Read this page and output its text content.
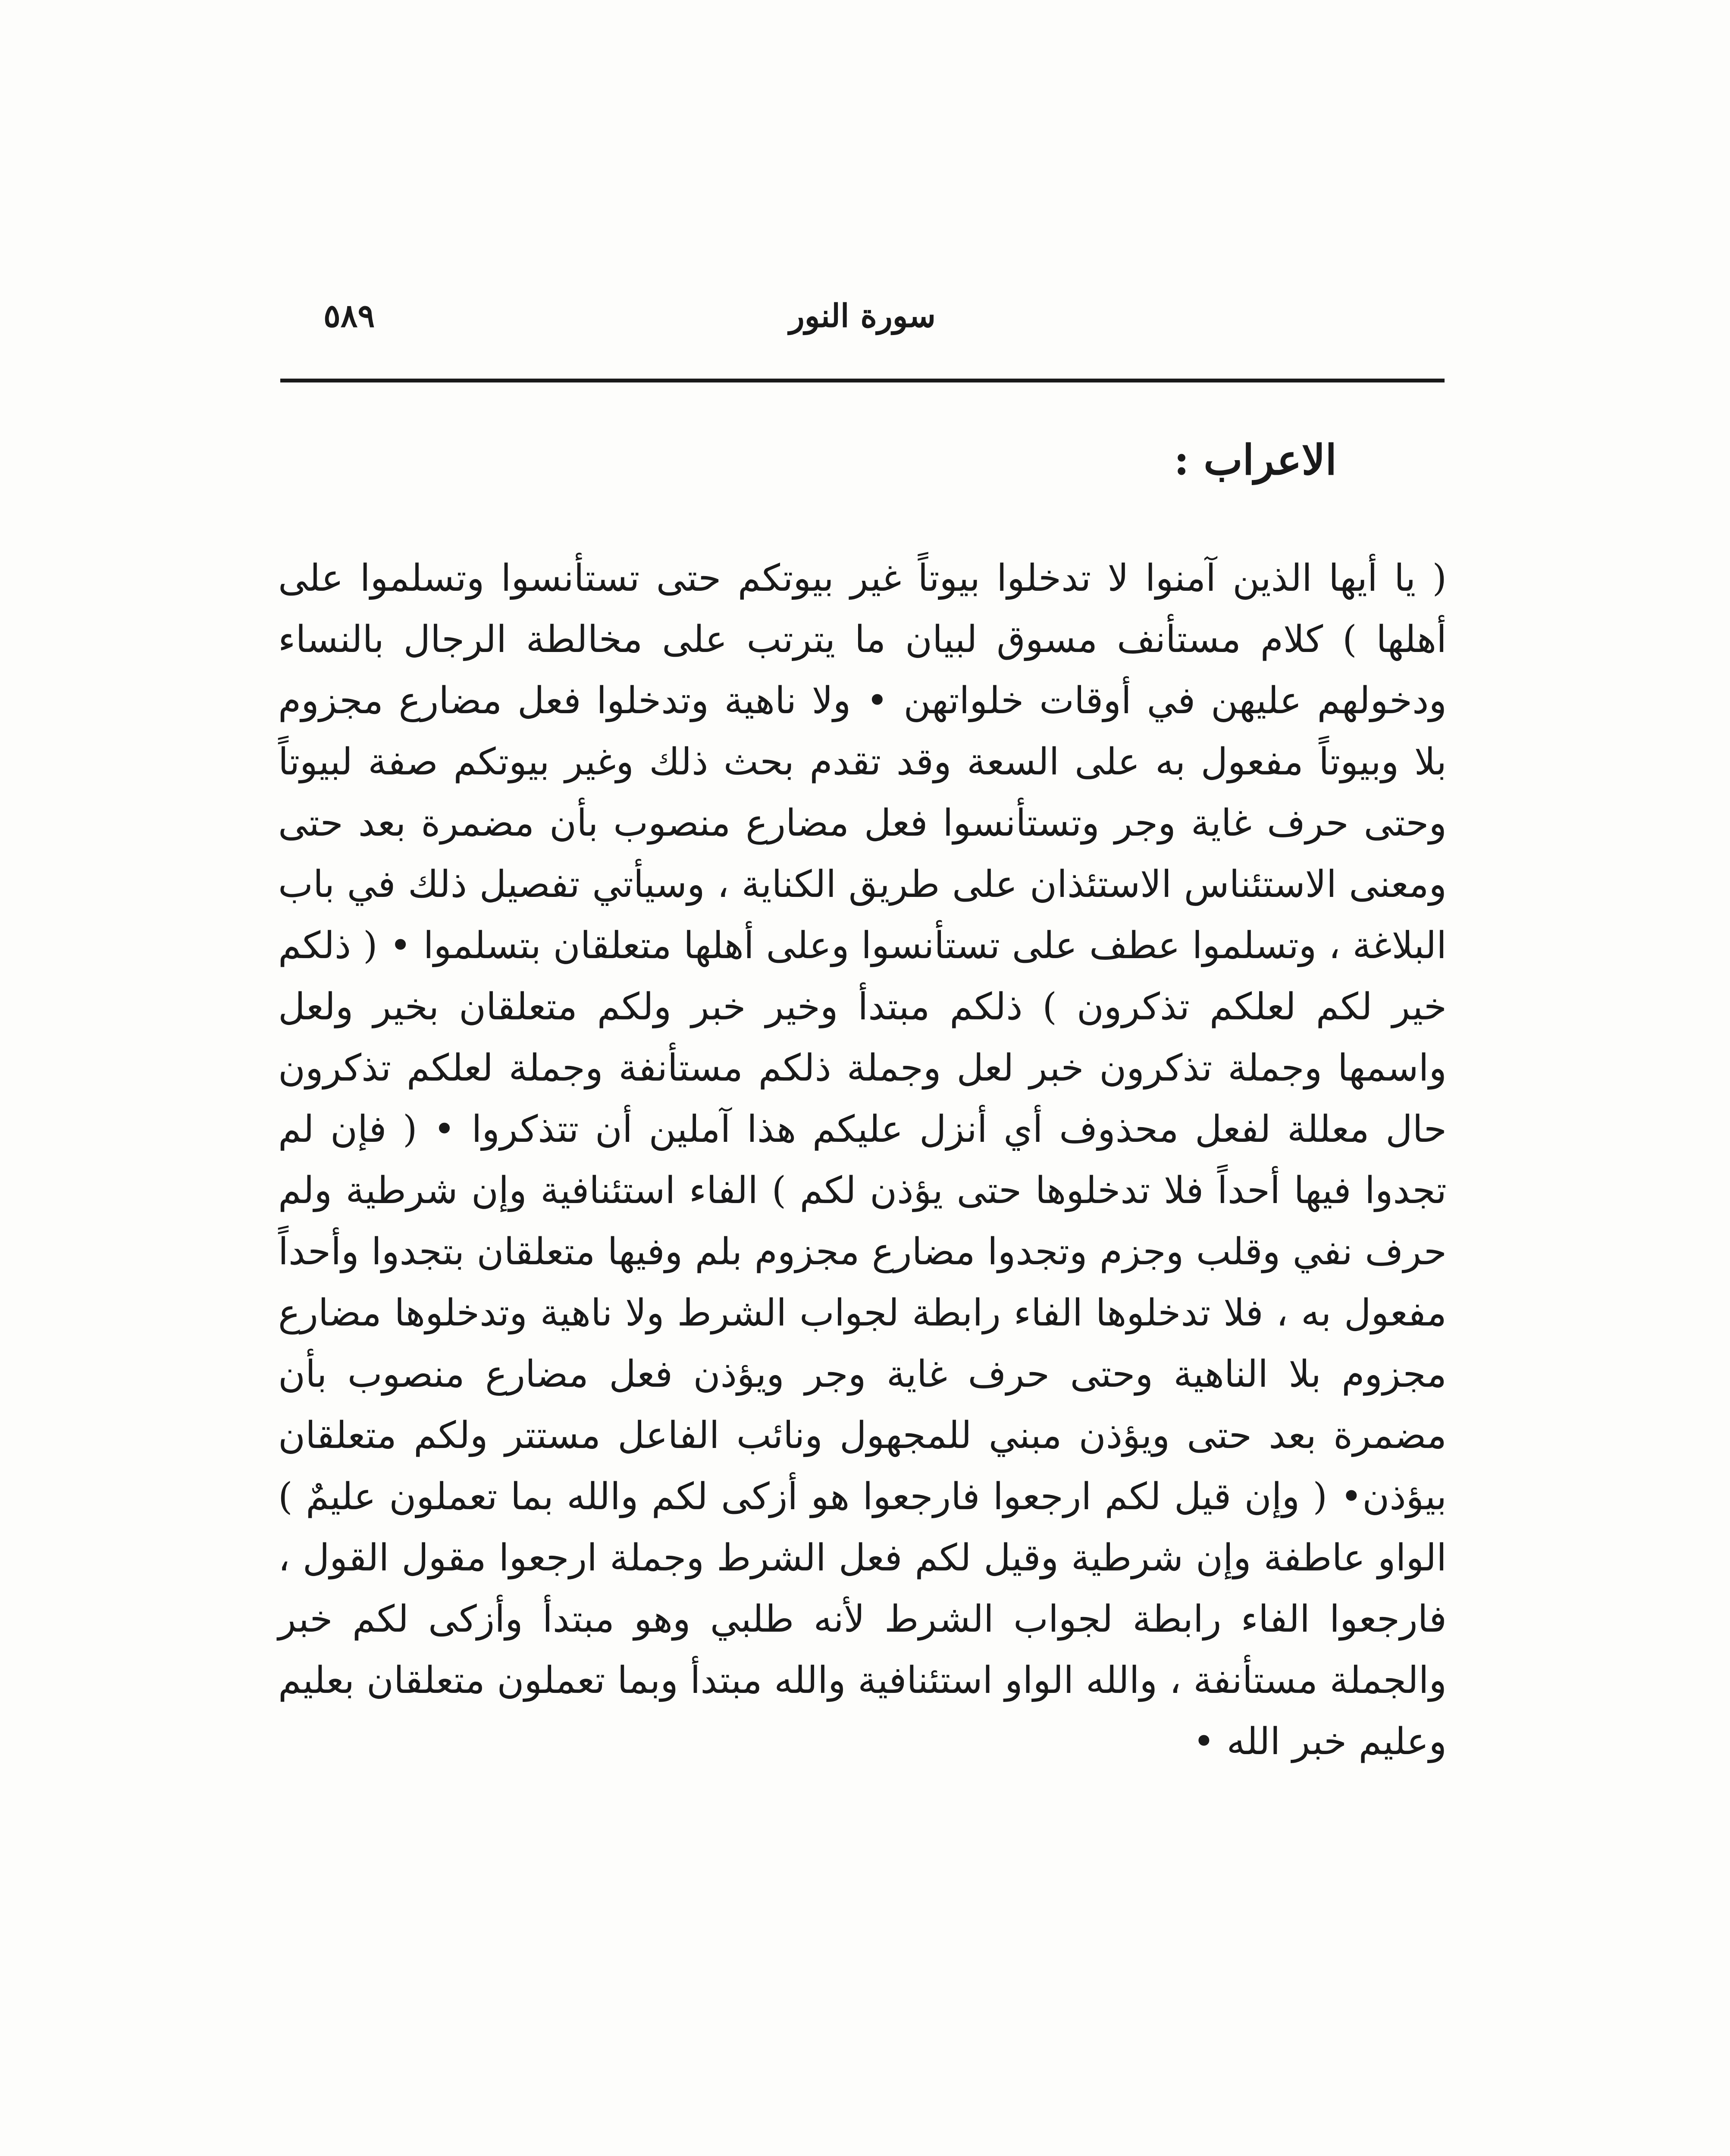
٥٨٩	سورة النور
الاعراب :
( يا أيها الذين آمنوا لا تدخلوا بيوتاً غير بيوتكم حتى تستأنسوا وتسلموا على أهلها ) كلام مستأنف مسوق لبيان ما يترتب على مخالطة الرجال بالنساء ودخولهم عليهن في أوقات خلواتهن • ولا ناهية وتدخلوا فعل مضارع مجزوم بلا وبيوتاً مفعول به على السعة وقد تقدم بحث ذلك وغير بيوتكم صفة لبيوتاً وحتى حرف غاية وجر وتستأنسوا فعل مضارع منصوب بأن مضمرة بعد حتى ومعنى الاستئناس الاستئذان على طريق الكناية ، وسيأتي تفصيل ذلك في باب البلاغة ، وتسلموا عطف على تستأنسوا وعلى أهلها متعلقان بتسلموا • ( ذلكم خير لكم لعلكم تذكرون ) ذلكم مبتدأ وخير خبر ولكم متعلقان بخير ولعل واسمها وجملة تذكرون خبر لعل وجملة ذلكم مستأنفة وجملة لعلكم تذكرون حال معللة لفعل محذوف أي أنزل عليكم هذا آملين أن تتذكروا • ( فإن لم تجدوا فيها أحداً فلا تدخلوها حتى يؤذن لكم ) الفاء استئنافية وإن شرطية ولم حرف نفي وقلب وجزم وتجدوا مضارع مجزوم بلم وفيها متعلقان بتجدوا وأحداً مفعول به ، فلا تدخلوها الفاء رابطة لجواب الشرط ولا ناهية وتدخلوها مضارع مجزوم بلا الناهية وحتى حرف غاية وجر ويؤذن فعل مضارع منصوب بأن مضمرة بعد حتى ويؤذن مبني للمجهول ونائب الفاعل مستتر ولكم متعلقان بيؤذن• ( وإن قيل لكم ارجعوا فارجعوا هو أزكى لكم والله بما تعملون عليمٌ ) الواو عاطفة وإن شرطية وقيل لكم فعل الشرط وجملة ارجعوا مقول القول ، فارجعوا الفاء رابطة لجواب الشرط لأنه طلبي وهو مبتدأ وأزكى لكم خبر والجملة مستأنفة ، والله الواو استئنافية والله مبتدأ وبما تعملون متعلقان بعليم وعليم خبر الله •
